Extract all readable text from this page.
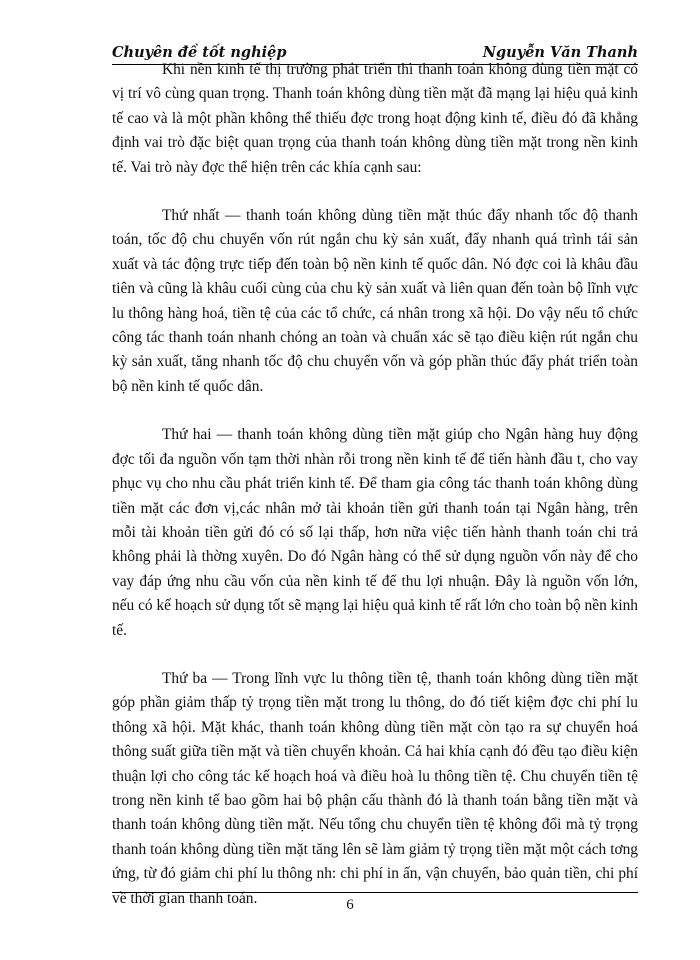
Chuyên đề tốt nghiệp	Nguyễn Văn Thanh

Khi nền kinh tế thị trường phát triển thì thanh toán không dùng tiền mặt có vị trí vô cùng quan trọng. Thanh toán không dùng tiền mặt đã mạng lại hiệu quả kinh tế cao và là một phần không thể thiếu đợc trong hoạt động kinh tế, điều đó đã khẳng định vai trò đặc biệt quan trọng của thanh toán không dùng tiền mặt trong nền kinh tế. Vai trò này đợc thể hiện trên các khía cạnh sau:

Thứ nhất — thanh toán không dùng tiền mặt thúc đẩy nhanh tốc độ thanh toán, tốc độ chu chuyển vốn rút ngắn chu kỳ sản xuất, đẩy nhanh quá trình tái sản xuất và tác động trực tiếp đến toàn bộ nền kinh tế quốc dân. Nó đợc coi là khâu đầu tiên và cũng là khâu cuối cùng của chu kỳ sản xuất và liên quan đến toàn bộ lĩnh vực lu thông hàng hoá, tiền tệ của các tổ chức, cá nhân trong xã hội. Do vậy nếu tổ chức công tác thanh toán nhanh chóng an toàn và chuẩn xác sẽ tạo điều kiện rút ngắn chu kỳ sản xuất, tăng nhanh tốc độ chu chuyển vốn và góp phần thúc đẩy phát triển toàn bộ nền kinh tế quốc dân.

Thứ hai — thanh toán không dùng tiền mặt giúp cho Ngân hàng huy động đợc tối đa nguồn vốn tạm thời nhàn rỗi trong nền kinh tế để tiến hành đầu t, cho vay phục vụ cho nhu cầu phát triển kinh tế. Để tham gia công tác thanh toán không dùng tiền mặt các đơn vị,các nhân mở tài khoản tiền gửi thanh toán tại Ngân hàng, trên mỗi tài khoản tiền gửi đó có số lại thấp, hơn nữa việc tiến hành thanh toán chi trả không phải là thờng xuyên. Do đó Ngân hàng có thể sử dụng nguồn vốn này để cho vay đáp ứng nhu cầu vốn của nền kinh tế để thu lợi nhuận. Đây là nguồn vốn lớn, nếu có kế hoạch sử dụng tốt sẽ mạng lại hiệu quả kinh tế rất lớn cho toàn bộ nền kinh tế.

Thứ ba — Trong lĩnh vực lu thông tiền tệ, thanh toán không dùng tiền mặt góp phần giảm thấp tỷ trọng tiền mặt trong lu thông, do đó tiết kiệm đợc chi phí lu thông xã hội. Mặt khác, thanh toán không dùng tiền mặt còn tạo ra sự chuyển hoá thông suất giữa tiền mặt và tiền chuyển khoản. Cả hai khía cạnh đó đều tạo điều kiện thuận lợi cho công tác kế hoạch hoá và điều hoà lu thông tiền tệ. Chu chuyển tiền tệ trong nền kinh tế bao gồm hai bộ phận cấu thành đó là thanh toán bằng tiền mặt và thanh toán không dùng tiền mặt. Nếu tổng chu chuyển tiền tệ không đổi mà tỷ trọng thanh toán không dùng tiền mặt tăng lên sẽ làm giảm tỷ trọng tiền mặt một cách tơng ứng, từ đó giảm chi phí lu thông nh: chi phí in ấn, vận chuyển, bảo quản tiền, chi phí về thời gian thanh toán.	6
